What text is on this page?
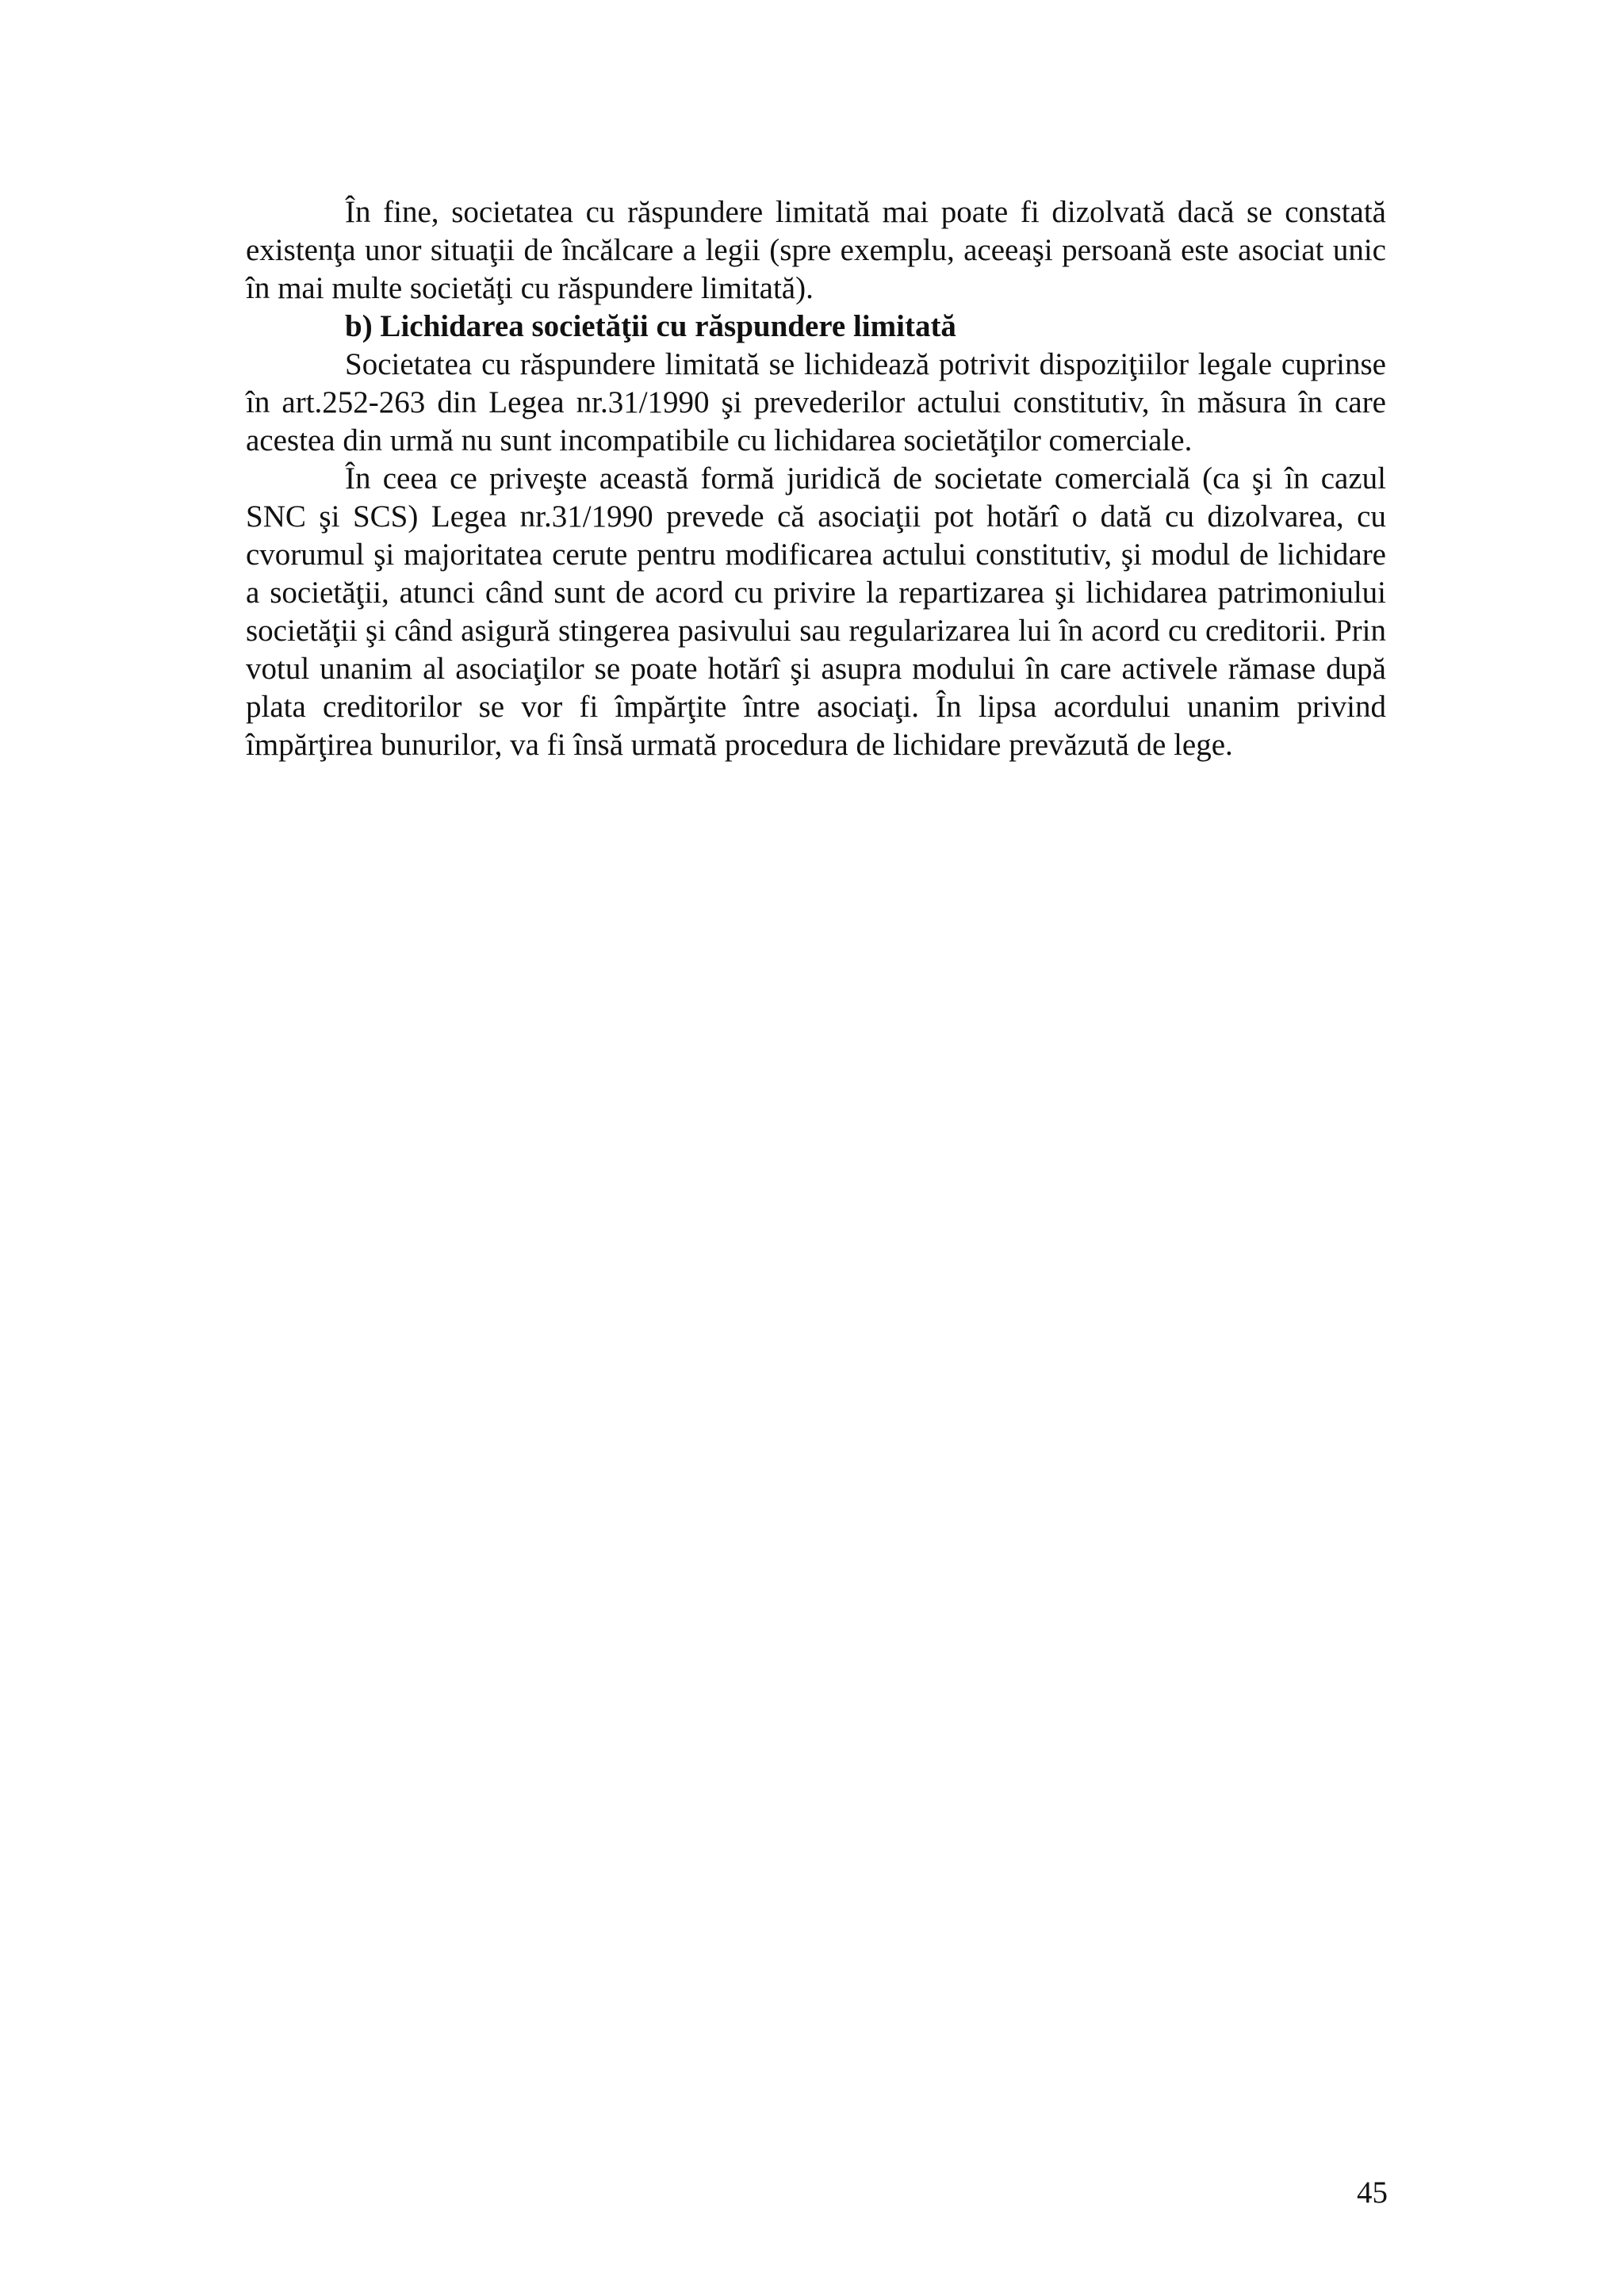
În fine, societatea cu răspundere limitată mai poate fi dizolvată dacă se constată existenţa unor situaţii de încălcare a legii (spre exemplu, aceeaşi persoană este asociat unic în mai multe societăţi cu răspundere limitată).

b) Lichidarea societăţii cu răspundere limitată

Societatea cu răspundere limitată se lichidează potrivit dispoziţiilor legale cuprinse în art.252-263 din Legea nr.31/1990 şi prevederilor actului constitutiv, în măsura în care acestea din urmă nu sunt incompatibile cu lichidarea societăţilor comerciale.

În ceea ce priveşte această formă juridică de societate comercială (ca şi în cazul SNC şi SCS) Legea nr.31/1990 prevede că asociaţii pot hotărî o dată cu dizolvarea, cu cvorumul şi majoritatea cerute pentru modificarea actului constitutiv, şi modul de lichidare a societăţii, atunci când sunt de acord cu privire la repartizarea şi lichidarea patrimoniului societăţii şi când asigură stingerea pasivului sau regularizarea lui în acord cu creditorii. Prin votul unanim al asociaţilor se poate hotărî şi asupra modului în care activele rămase după plata creditorilor se vor fi împărţite între asociaţi. În lipsa acordului unanim privind împărţirea bunurilor, va fi însă urmată procedura de lichidare prevăzută de lege.

45
